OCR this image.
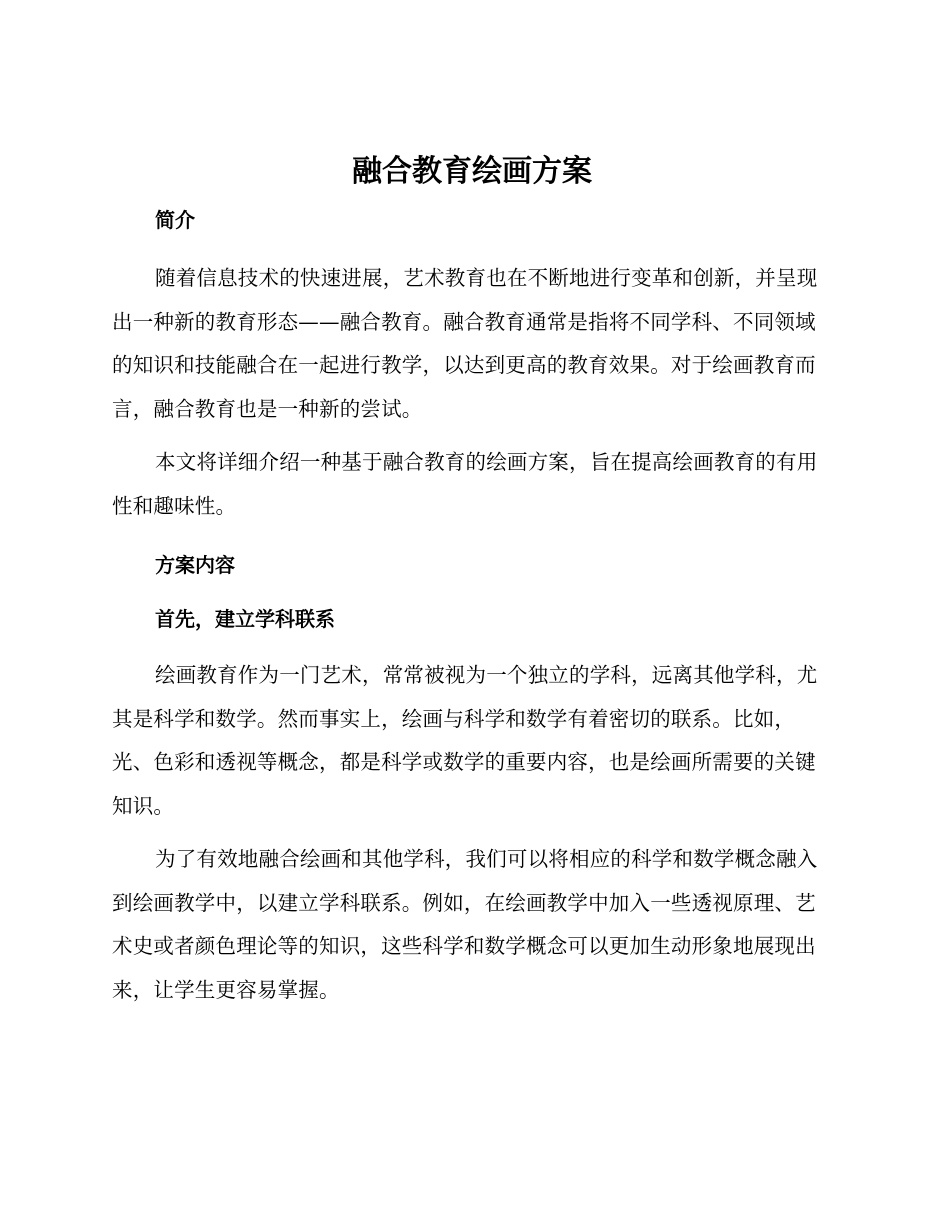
融合教育绘画方案
简介

随着信息技术的快速进展，艺术教育也在不断地进行变革和创新，并呈现出一种新的教育形态——融合教育。融合教育通常是指将不同学科、不同领域的知识和技能融合在一起进行教学，以达到更高的教育效果。对于绘画教育而言，融合教育也是一种新的尝试。

本文将详细介绍一种基于融合教育的绘画方案，旨在提高绘画教育的有用性和趣味性。

方案内容
首先，建立学科联系

绘画教育作为一门艺术，常常被视为一个独立的学科，远离其他学科，尤其是科学和数学。然而事实上，绘画与科学和数学有着密切的联系。比如，光、色彩和透视等概念，都是科学或数学的重要内容，也是绘画所需要的关键知识。

为了有效地融合绘画和其他学科，我们可以将相应的科学和数学概念融入到绘画教学中，以建立学科联系。例如，在绘画教学中加入一些透视原理、艺术史或者颜色理论等的知识，这些科学和数学概念可以更加生动形象地展现出来，让学生更容易掌握。
